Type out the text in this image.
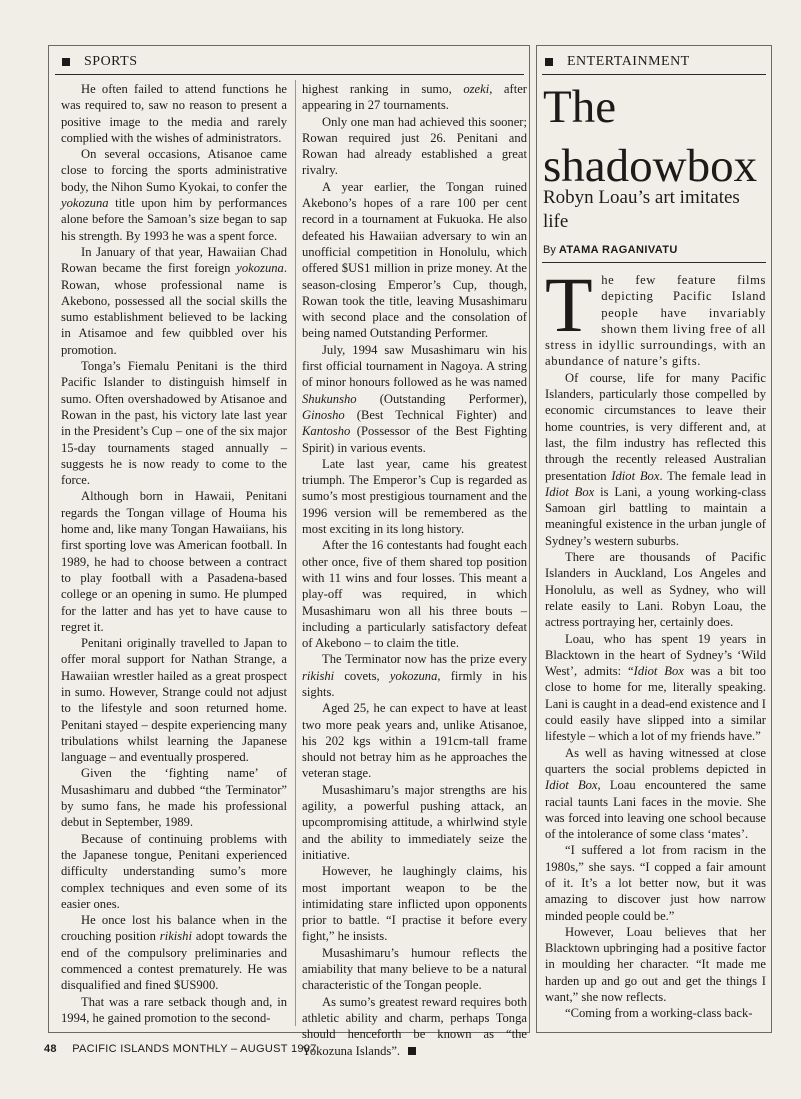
SPORTS	ENTERTAINMENT

He often failed to attend functions he was required to, saw no reason to present a positive image to the media and rarely complied with the wishes of administrators.

On several occasions, Atisanoe came close to forcing the sports administrative body, the Nihon Sumo Kyokai, to confer the yokozuna title upon him by performances alone before the Samoan’s size began to sap his strength. By 1993 he was a spent force.

In January of that year, Hawaiian Chad Rowan became the first foreign yokozuna. Rowan, whose professional name is Akebono, possessed all the social skills the sumo establishment believed to be lacking in Atisamoe and few quibbled over his promotion.

Tonga’s Fiemalu Penitani is the third Pacific Islander to distinguish himself in sumo. Often overshadowed by Atisanoe and Rowan in the past, his victory late last year in the President’s Cup – one of the six major 15-day tournaments staged annually – suggests he is now ready to come to the force.

Although born in Hawaii, Penitani regards the Tongan village of Houma his home and, like many Tongan Hawaiians, his first sporting love was American football. In 1989, he had to choose between a contract to play football with a Pasadena-based college or an opening in sumo. He plumped for the latter and has yet to have cause to regret it.

Penitani originally travelled to Japan to offer moral support for Nathan Strange, a Hawaiian wrestler hailed as a great prospect in sumo. However, Strange could not adjust to the lifestyle and soon returned home. Penitani stayed – despite experiencing many tribulations whilst learning the Japanese language – and eventually prospered.

Given the ‘fighting name’ of Musashimaru and dubbed “the Terminator” by sumo fans, he made his professional debut in September, 1989.

Because of continuing problems with the Japanese tongue, Penitani experienced difficulty understanding sumo’s more complex techniques and even some of its easier ones.

He once lost his balance when in the crouching position rikishi adopt towards the end of the compulsory preliminaries and commenced a contest prematurely. He was disqualified and fined $US900.

That was a rare setback though and, in 1994, he gained promotion to the second-

highest ranking in sumo, ozeki, after appearing in 27 tournaments.

Only one man had achieved this sooner; Rowan required just 26. Penitani and Rowan had already established a great rivalry.

A year earlier, the Tongan ruined Akebono’s hopes of a rare 100 per cent record in a tournament at Fukuoka. He also defeated his Hawaiian adversary to win an unofficial competition in Honolulu, which offered $US1 million in prize money. At the season-closing Emperor’s Cup, though, Rowan took the title, leaving Musashimaru with second place and the consolation of being named Outstanding Performer.

July, 1994 saw Musashimaru win his first official tournament in Nagoya. A string of minor honours followed as he was named Shukunsho (Outstanding Performer), Ginosho (Best Technical Fighter) and Kantosho (Possessor of the Best Fighting Spirit) in various events.

Late last year, came his greatest triumph. The Emperor’s Cup is regarded as sumo’s most prestigious tournament and the 1996 version will be remembered as the most exciting in its long history.

After the 16 contestants had fought each other once, five of them shared top position with 11 wins and four losses. This meant a play-off was required, in which Musashimaru won all his three bouts – including a particularly satisfactory defeat of Akebono – to claim the title.

The Terminator now has the prize every rikishi covets, yokozuna, firmly in his sights.

Aged 25, he can expect to have at least two more peak years and, unlike Atisanoe, his 202 kgs within a 191cm-tall frame should not betray him as he approaches the veteran stage.

Musashimaru’s major strengths are his agility, a powerful pushing attack, an upcompromising attitude, a whirlwind style and the ability to immediately seize the initiative.

However, he laughingly claims, his most important weapon to be the intimidating stare inflicted upon opponents prior to battle. “I practise it before every fight,” he insists.

Musashimaru’s humour reflects the amiability that many believe to be a natural characteristic of the Tongan people.

As sumo’s greatest reward requires both athletic ability and charm, perhaps Tonga should henceforth be known as “the Yokozuna Islands”.

The
shadowbox

Robyn Loau’s art imitates life

By ATAMA RAGANIVATU

The few feature films depicting Pacific Island people have invariably shown them living free of all stress in idyllic surroundings, with an abundance of nature’s gifts.

Of course, life for many Pacific Islanders, particularly those compelled by economic circumstances to leave their home countries, is very different and, at last, the film industry has reflected this through the recently released Australian presentation Idiot Box. The female lead in Idiot Box is Lani, a young working-class Samoan girl battling to maintain a meaningful existence in the urban jungle of Sydney’s western suburbs.

There are thousands of Pacific Islanders in Auckland, Los Angeles and Honolulu, as well as Sydney, who will relate easily to Lani. Robyn Loau, the actress portraying her, certainly does.

Loau, who has spent 19 years in Blacktown in the heart of Sydney’s ‘Wild West’, admits: “Idiot Box was a bit too close to home for me, literally speaking. Lani is caught in a dead-end existence and I could easily have slipped into a similar lifestyle – which a lot of my friends have.”

As well as having witnessed at close quarters the social problems depicted in Idiot Box, Loau encountered the same racial taunts Lani faces in the movie. She was forced into leaving one school because of the intolerance of some class ‘mates’.

“I suffered a lot from racism in the 1980s,” she says. “I copped a fair amount of it. It’s a lot better now, but it was amazing to discover just how narrow minded people could be.”

However, Loau believes that her Blacktown upbringing had a positive factor in moulding her character. “It made me harden up and go out and get the things I want,” she now reflects.

“Coming from a working-class back-

48 PACIFIC ISLANDS MONTHLY – AUGUST 1997
